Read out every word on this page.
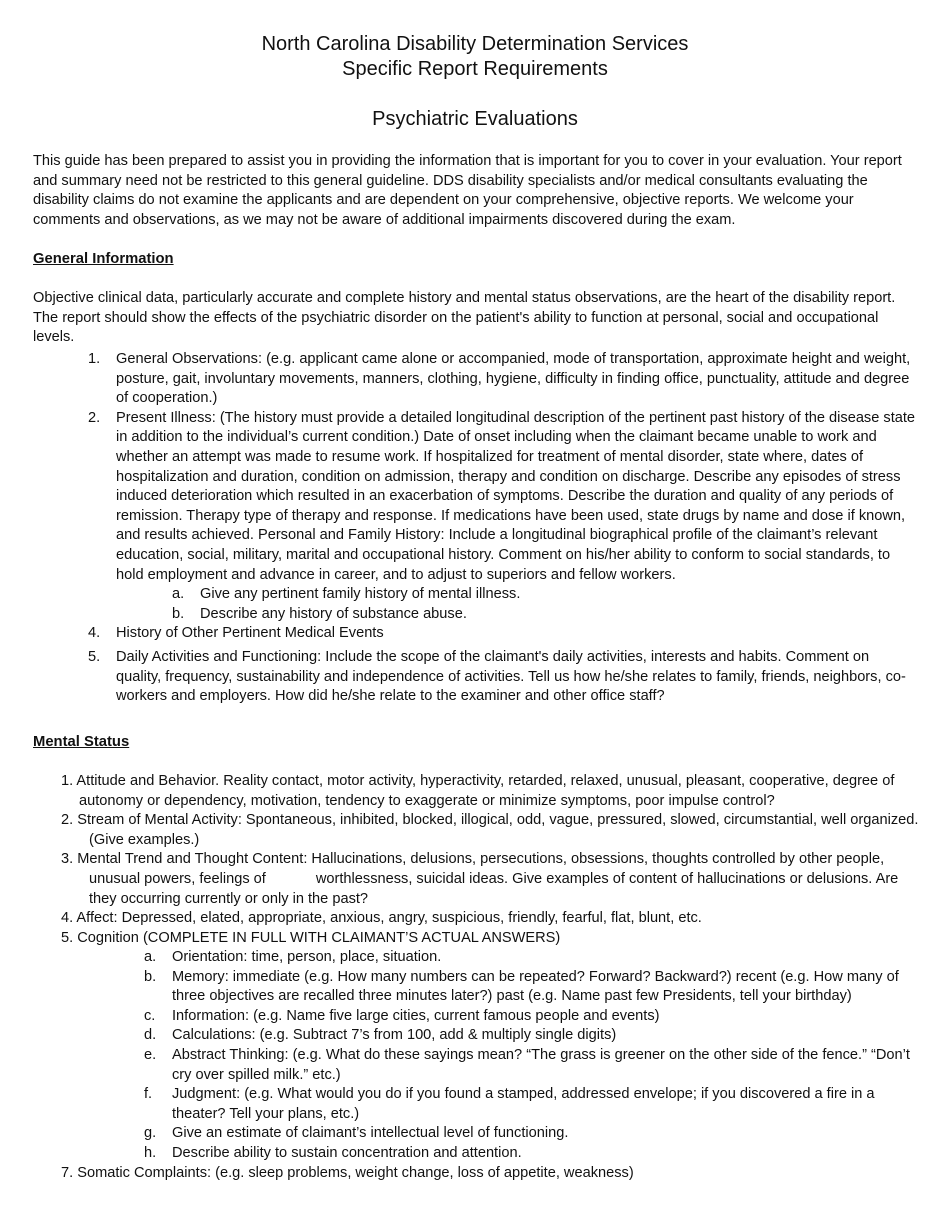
North Carolina Disability Determination Services
Specific Report Requirements
Psychiatric Evaluations

This guide has been prepared to assist you in providing the information that is important for you to cover in your evaluation. Your report and summary need not be restricted to this general guideline. DDS disability specialists and/or medical consultants evaluating the disability claims do not examine the applicants and are dependent on your comprehensive, objective reports. We welcome your comments and observations, as we may not be aware of additional impairments discovered during the exam.

General Information

Objective clinical data, particularly accurate and complete history and mental status observations, are the heart of the disability report. The report should show the effects of the psychiatric disorder on the patient's ability to function at personal, social and occupational levels.

1. General Observations: (e.g. applicant came alone or accompanied, mode of transportation, approximate height and weight, posture, gait, involuntary movements, manners, clothing, hygiene, difficulty in finding office, punctuality, attitude and degree of cooperation.)
2. Present Illness: (The history must provide a detailed longitudinal description of the pertinent past history of the disease state in addition to the individual’s current condition.) Date of onset including when the claimant became unable to work and whether an attempt was made to resume work. If hospitalized for treatment of mental disorder, state where, dates of hospitalization and duration, condition on admission, therapy and condition on discharge. Describe any episodes of stress induced deterioration which resulted in an exacerbation of symptoms. Describe the duration and quality of any periods of remission. Therapy type of therapy and response. If medications have been used, state drugs by name and dose if known, and results achieved. Personal and Family History: Include a longitudinal biographical profile of the claimant’s relevant education, social, military, marital and occupational history. Comment on his/her ability to conform to social standards, to hold employment and advance in career, and to adjust to superiors and fellow workers.
a. Give any pertinent family history of mental illness.
b. Describe any history of substance abuse.
4. History of Other Pertinent Medical Events
5. Daily Activities and Functioning: Include the scope of the claimant's daily activities, interests and habits. Comment on quality, frequency, sustainability and independence of activities. Tell us how he/she relates to family, friends, neighbors, co-workers and employers. How did he/she relate to the examiner and other office staff?
Mental Status
1. Attitude and Behavior. Reality contact, motor activity, hyperactivity, retarded, relaxed, unusual, pleasant, cooperative, degree of autonomy or dependency, motivation, tendency to exaggerate or minimize symptoms, poor impulse control?
2. Stream of Mental Activity: Spontaneous, inhibited, blocked, illogical, odd, vague, pressured, slowed, circumstantial, well organized. (Give examples.)
3. Mental Trend and Thought Content: Hallucinations, delusions, persecutions, obsessions, thoughts controlled by other people, unusual powers, feelings of	worthlessness, suicidal ideas. Give examples of content of hallucinations or delusions. Are they occurring currently or only in the past?
4. Affect: Depressed, elated, appropriate, anxious, angry, suspicious, friendly, fearful, flat, blunt, etc.
5. Cognition (COMPLETE IN FULL WITH CLAIMANT’S ACTUAL ANSWERS)
a. Orientation: time, person, place, situation.
b. Memory: immediate (e.g. How many numbers can be repeated? Forward? Backward?) recent (e.g. How many of three objectives are recalled three minutes later?) past (e.g. Name past few Presidents, tell your birthday)
c. Information: (e.g. Name five large cities, current famous people and events)
d. Calculations: (e.g. Subtract 7’s from 100, add & multiply single digits)
e. Abstract Thinking: (e.g. What do these sayings mean? “The grass is greener on the other side of the fence.” “Don’t cry over spilled milk.” etc.)
f. Judgment: (e.g. What would you do if you found a stamped, addressed envelope; if you discovered a fire in a theater? Tell your plans, etc.)
g. Give an estimate of claimant’s intellectual level of functioning.
h. Describe ability to sustain concentration and attention.
7. Somatic Complaints: (e.g. sleep problems, weight change, loss of appetite, weakness)
